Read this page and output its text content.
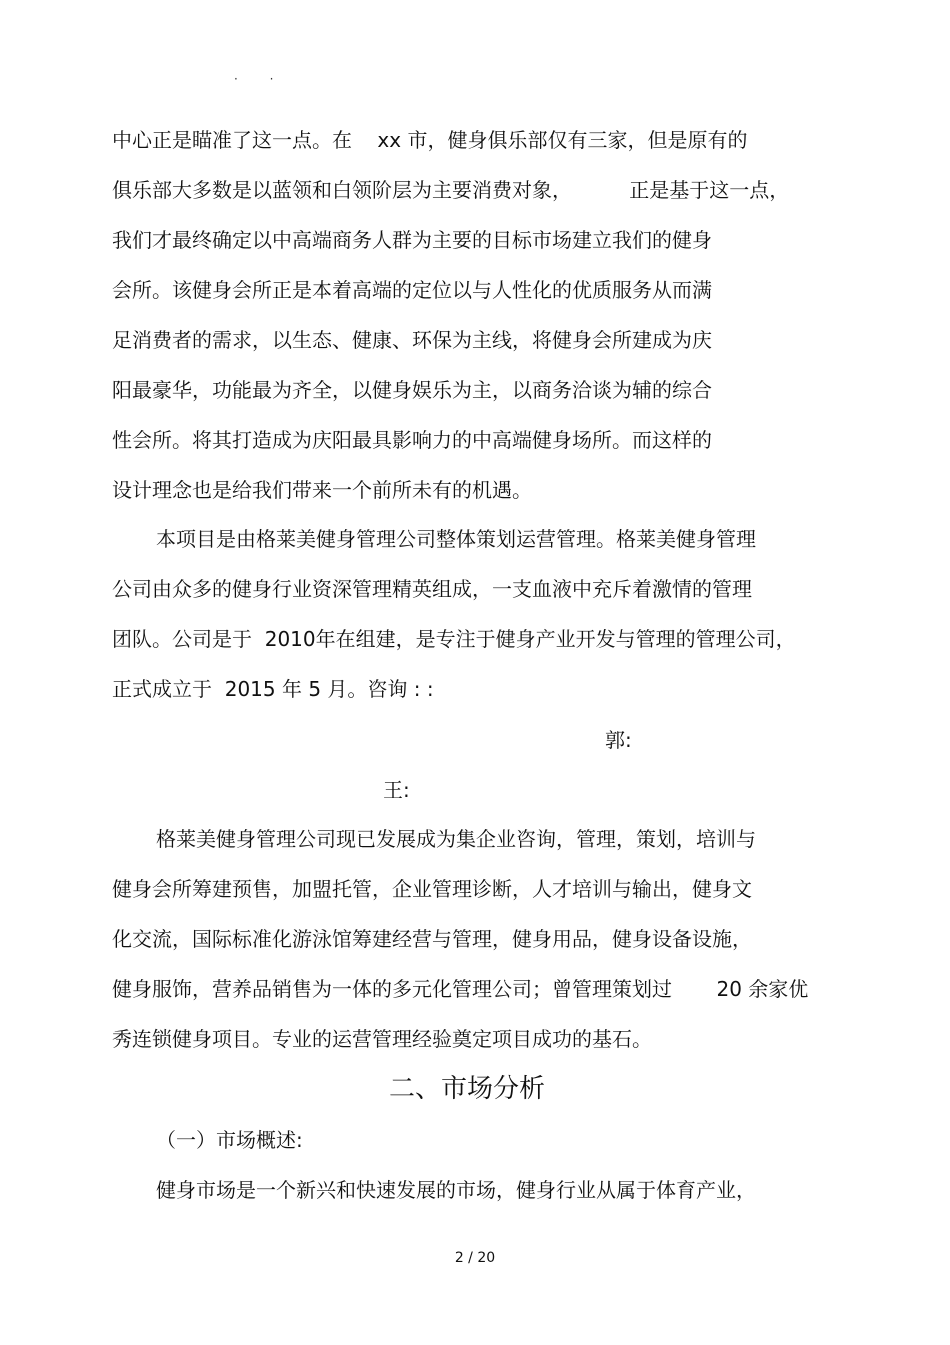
· ·
中心正是瞄准了这一点。在    xx 市，健身俱乐部仅有三家，但是原有的
俱乐部大多数是以蓝领和白领阶层为主要消费对象，         正是基于这一点，
我们才最终确定以中高端商务人群为主要的目标市场建立我们的健身
会所。该健身会所正是本着高端的定位以与人性化的优质服务从而满
足消费者的需求，以生态、健康、环保为主线，将健身会所建成为庆
阳最豪华，功能最为齐全，以健身娱乐为主，以商务洽谈为辅的综合
性会所。将其打造成为庆阳最具影响力的中高端健身场所。而这样的
设计理念也是给我们带来一个前所未有的机遇。
本项目是由格莱美健身管理公司整体策划运营管理。格莱美健身管理
公司由众多的健身行业资深管理精英组成，一支血液中充斥着激情的管理
团队。公司是于  2010年在组建，是专注于健身产业开发与管理的管理公司，
正式成立于  2015 年 5 月。咨询 : :
郭:
王:
格莱美健身管理公司现已发展成为集企业咨询，管理，策划，培训与
健身会所筹建预售，加盟托管，企业管理诊断，人才培训与输出，健身文
化交流，国际标准化游泳馆筹建经营与管理，健身用品，健身设备设施，
健身服饰，营养品销售为一体的多元化管理公司；曾管理策划过       20 余家优
秀连锁健身项目。专业的运营管理经验奠定项目成功的基石。
二、市场分析
（一）市场概述:
健身市场是一个新兴和快速发展的市场，健身行业从属于体育产业，
2 / 20
